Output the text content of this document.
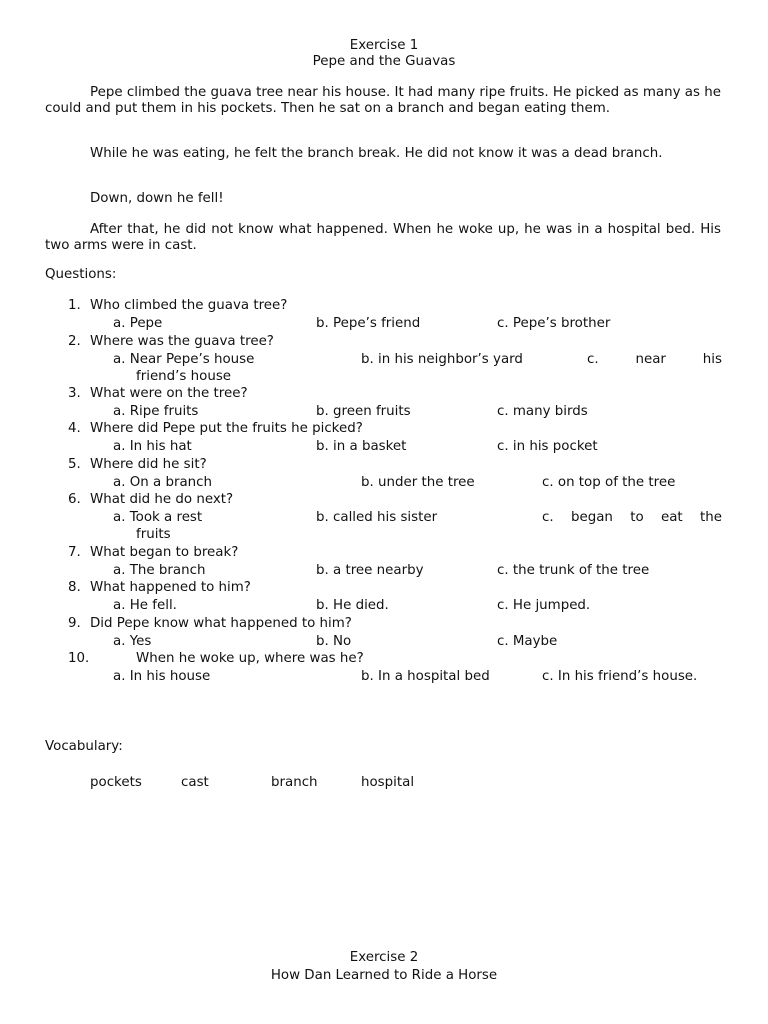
Exercise 1
Pepe and the Guavas
Pepe climbed the guava tree near his house. It had many ripe fruits. He picked as many as he could and put them in his pockets. Then he sat on a branch and began eating them.
While he was eating, he felt the branch break. He did not know it was a dead branch.
Down, down he fell!
After that, he did not know what happened. When he woke up, he was in a hospital bed. His two arms were in cast.
Questions:
1. Who climbed the guava tree?
a. Pepe	b. Pepe’s friend	c. Pepe’s brother
2. Where was the guava tree?
a. Near Pepe’s house	b. in his neighbor’s yard	c. near his
friend’s house
3. What were on the tree?
a. Ripe fruits	b. green fruits	c. many birds
4. Where did Pepe put the fruits he picked?
a. In his hat	b. in a basket	c. in his pocket
5. Where did he sit?
a. On a branch	b. under the tree	c. on top of the tree
6. What did he do next?
a. Took a rest	b. called his sister	c. began to eat the
fruits
7. What began to break?
a. The branch	b. a tree nearby	c. the trunk of the tree
8. What happened to him?
a. He fell.	b. He died.	c. He jumped.
9. Did Pepe know what happened to him?
a. Yes	b. No	c. Maybe
10.	When he woke up, where was he?
a. In his house	b. In a hospital bed	c. In his friend’s house.
Vocabulary:
pockets	cast	branch	hospital
Exercise 2
How Dan Learned to Ride a Horse
